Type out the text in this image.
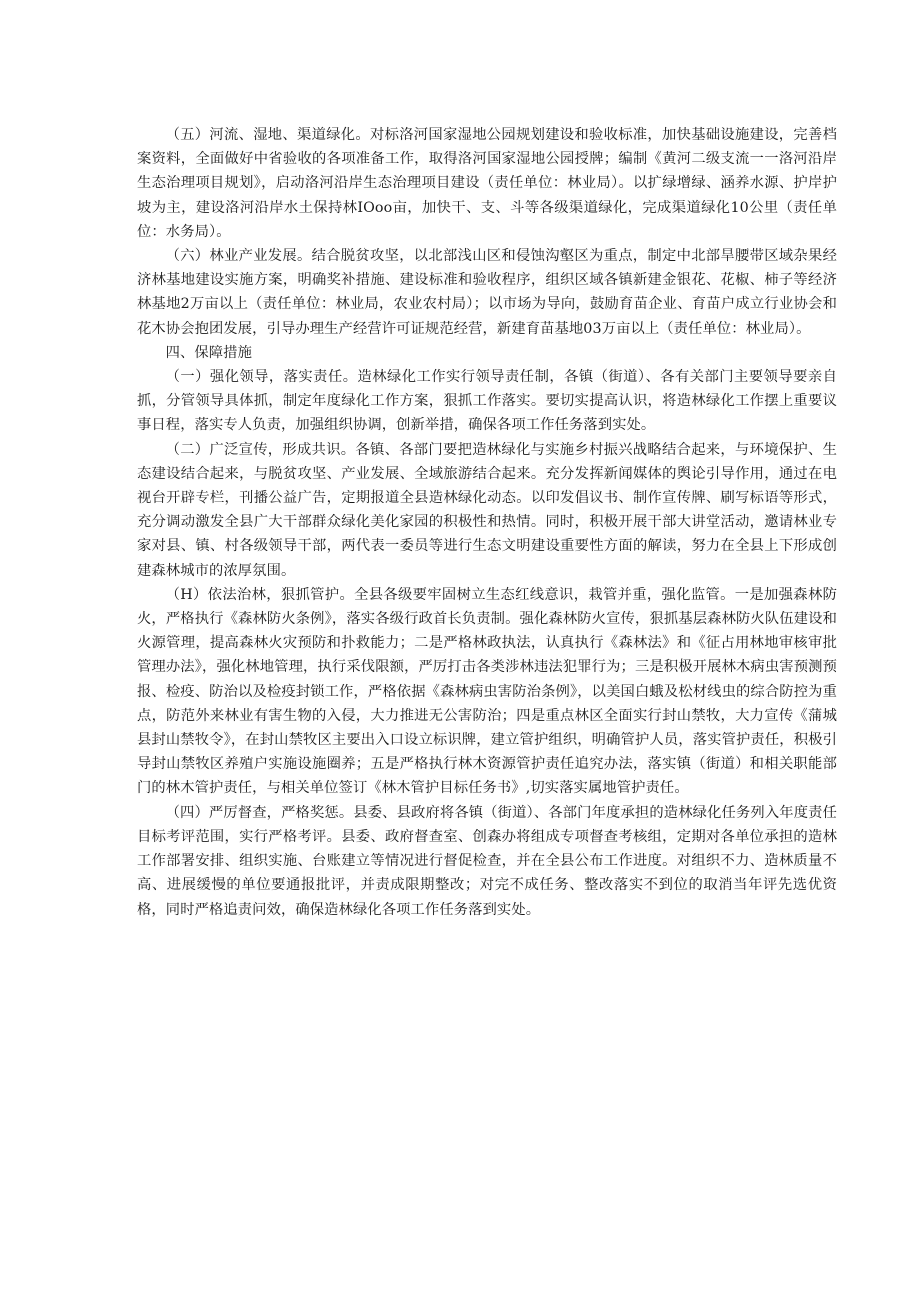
（五）河流、湿地、渠道绿化。对标洛河国家湿地公园规划建设和验收标准，加快基础设施建设，完善档案资料，全面做好中省验收的各项准备工作，取得洛河国家湿地公园授牌；编制《黄河二级支流一一洛河沿岸生态治理项目规划》，启动洛河沿岸生态治理项目建设（责任单位：林业局）。以扩绿增绿、涵养水源、护岸护坡为主，建设洛河沿岸水土保持林IOoo亩，加快干、支、斗等各级渠道绿化，完成渠道绿化10公里（责任单位：水务局）。

（六）林业产业发展。结合脱贫攻坚，以北部浅山区和侵蚀沟壑区为重点，制定中北部旱腰带区域杂果经济林基地建设实施方案，明确奖补措施、建设标准和验收程序，组织区域各镇新建金银花、花椒、柿子等经济林基地2万亩以上（责任单位：林业局，农业农村局）；以市场为导向，鼓励育苗企业、育苗户成立行业协会和花木协会抱团发展，引导办理生产经营许可证规范经营，新建育苗基地03万亩以上（责任单位：林业局）。

四、保障措施

（一）强化领导，落实责任。造林绿化工作实行领导责任制，各镇（街道）、各有关部门主要领导要亲自抓，分管领导具体抓，制定年度绿化工作方案，狠抓工作落实。要切实提高认识，将造林绿化工作摆上重要议事日程，落实专人负责，加强组织协调，创新举措，确保各项工作任务落到实处。

（二）广泛宣传，形成共识。各镇、各部门要把造林绿化与实施乡村振兴战略结合起来，与环境保护、生态建设结合起来，与脱贫攻坚、产业发展、全域旅游结合起来。充分发挥新闻媒体的舆论引导作用，通过在电视台开辟专栏，刊播公益广告，定期报道全县造林绿化动态。以印发倡议书、制作宣传牌、刷写标语等形式，充分调动激发全县广大干部群众绿化美化家园的积极性和热情。同时，积极开展干部大讲堂活动，邀请林业专家对县、镇、村各级领导干部，两代表一委员等进行生态文明建设重要性方面的解读，努力在全县上下形成创建森林城市的浓厚氛围。

（H）依法治林，狠抓管护。全县各级要牢固树立生态红线意识，栽管并重，强化监管。一是加强森林防火，严格执行《森林防火条例》，落实各级行政首长负责制。强化森林防火宣传，狠抓基层森林防火队伍建设和火源管理，提高森林火灾预防和扑救能力；二是严格林政执法，认真执行《森林法》和《征占用林地审核审批管理办法》，强化林地管理，执行采伐限额，严厉打击各类涉林违法犯罪行为；三是积极开展林木病虫害预测预报、检疫、防治以及检疫封锁工作，严格依据《森林病虫害防治条例》，以美国白蛾及松材线虫的综合防控为重点，防范外来林业有害生物的入侵，大力推进无公害防治；四是重点林区全面实行封山禁牧，大力宣传《蒲城县封山禁牧令》，在封山禁牧区主要出入口设立标识牌，建立管护组织，明确管护人员，落实管护责任，积极引导封山禁牧区养殖户实施设施圈养；五是严格执行林木资源管护责任追究办法，落实镇（街道）和相关职能部门的林木管护责任，与相关单位签订《林木管护目标任务书》,切实落实属地管护责任。

（四）严厉督查，严格奖惩。县委、县政府将各镇（街道）、各部门年度承担的造林绿化任务列入年度责任目标考评范围，实行严格考评。县委、政府督查室、创森办将组成专项督查考核组，定期对各单位承担的造林工作部署安排、组织实施、台账建立等情况进行督促检查，并在全县公布工作进度。对组织不力、造林质量不高、进展缓慢的单位要通报批评，并责成限期整改；对完不成任务、整改落实不到位的取消当年评先选优资格，同时严格追责问效，确保造林绿化各项工作任务落到实处。
